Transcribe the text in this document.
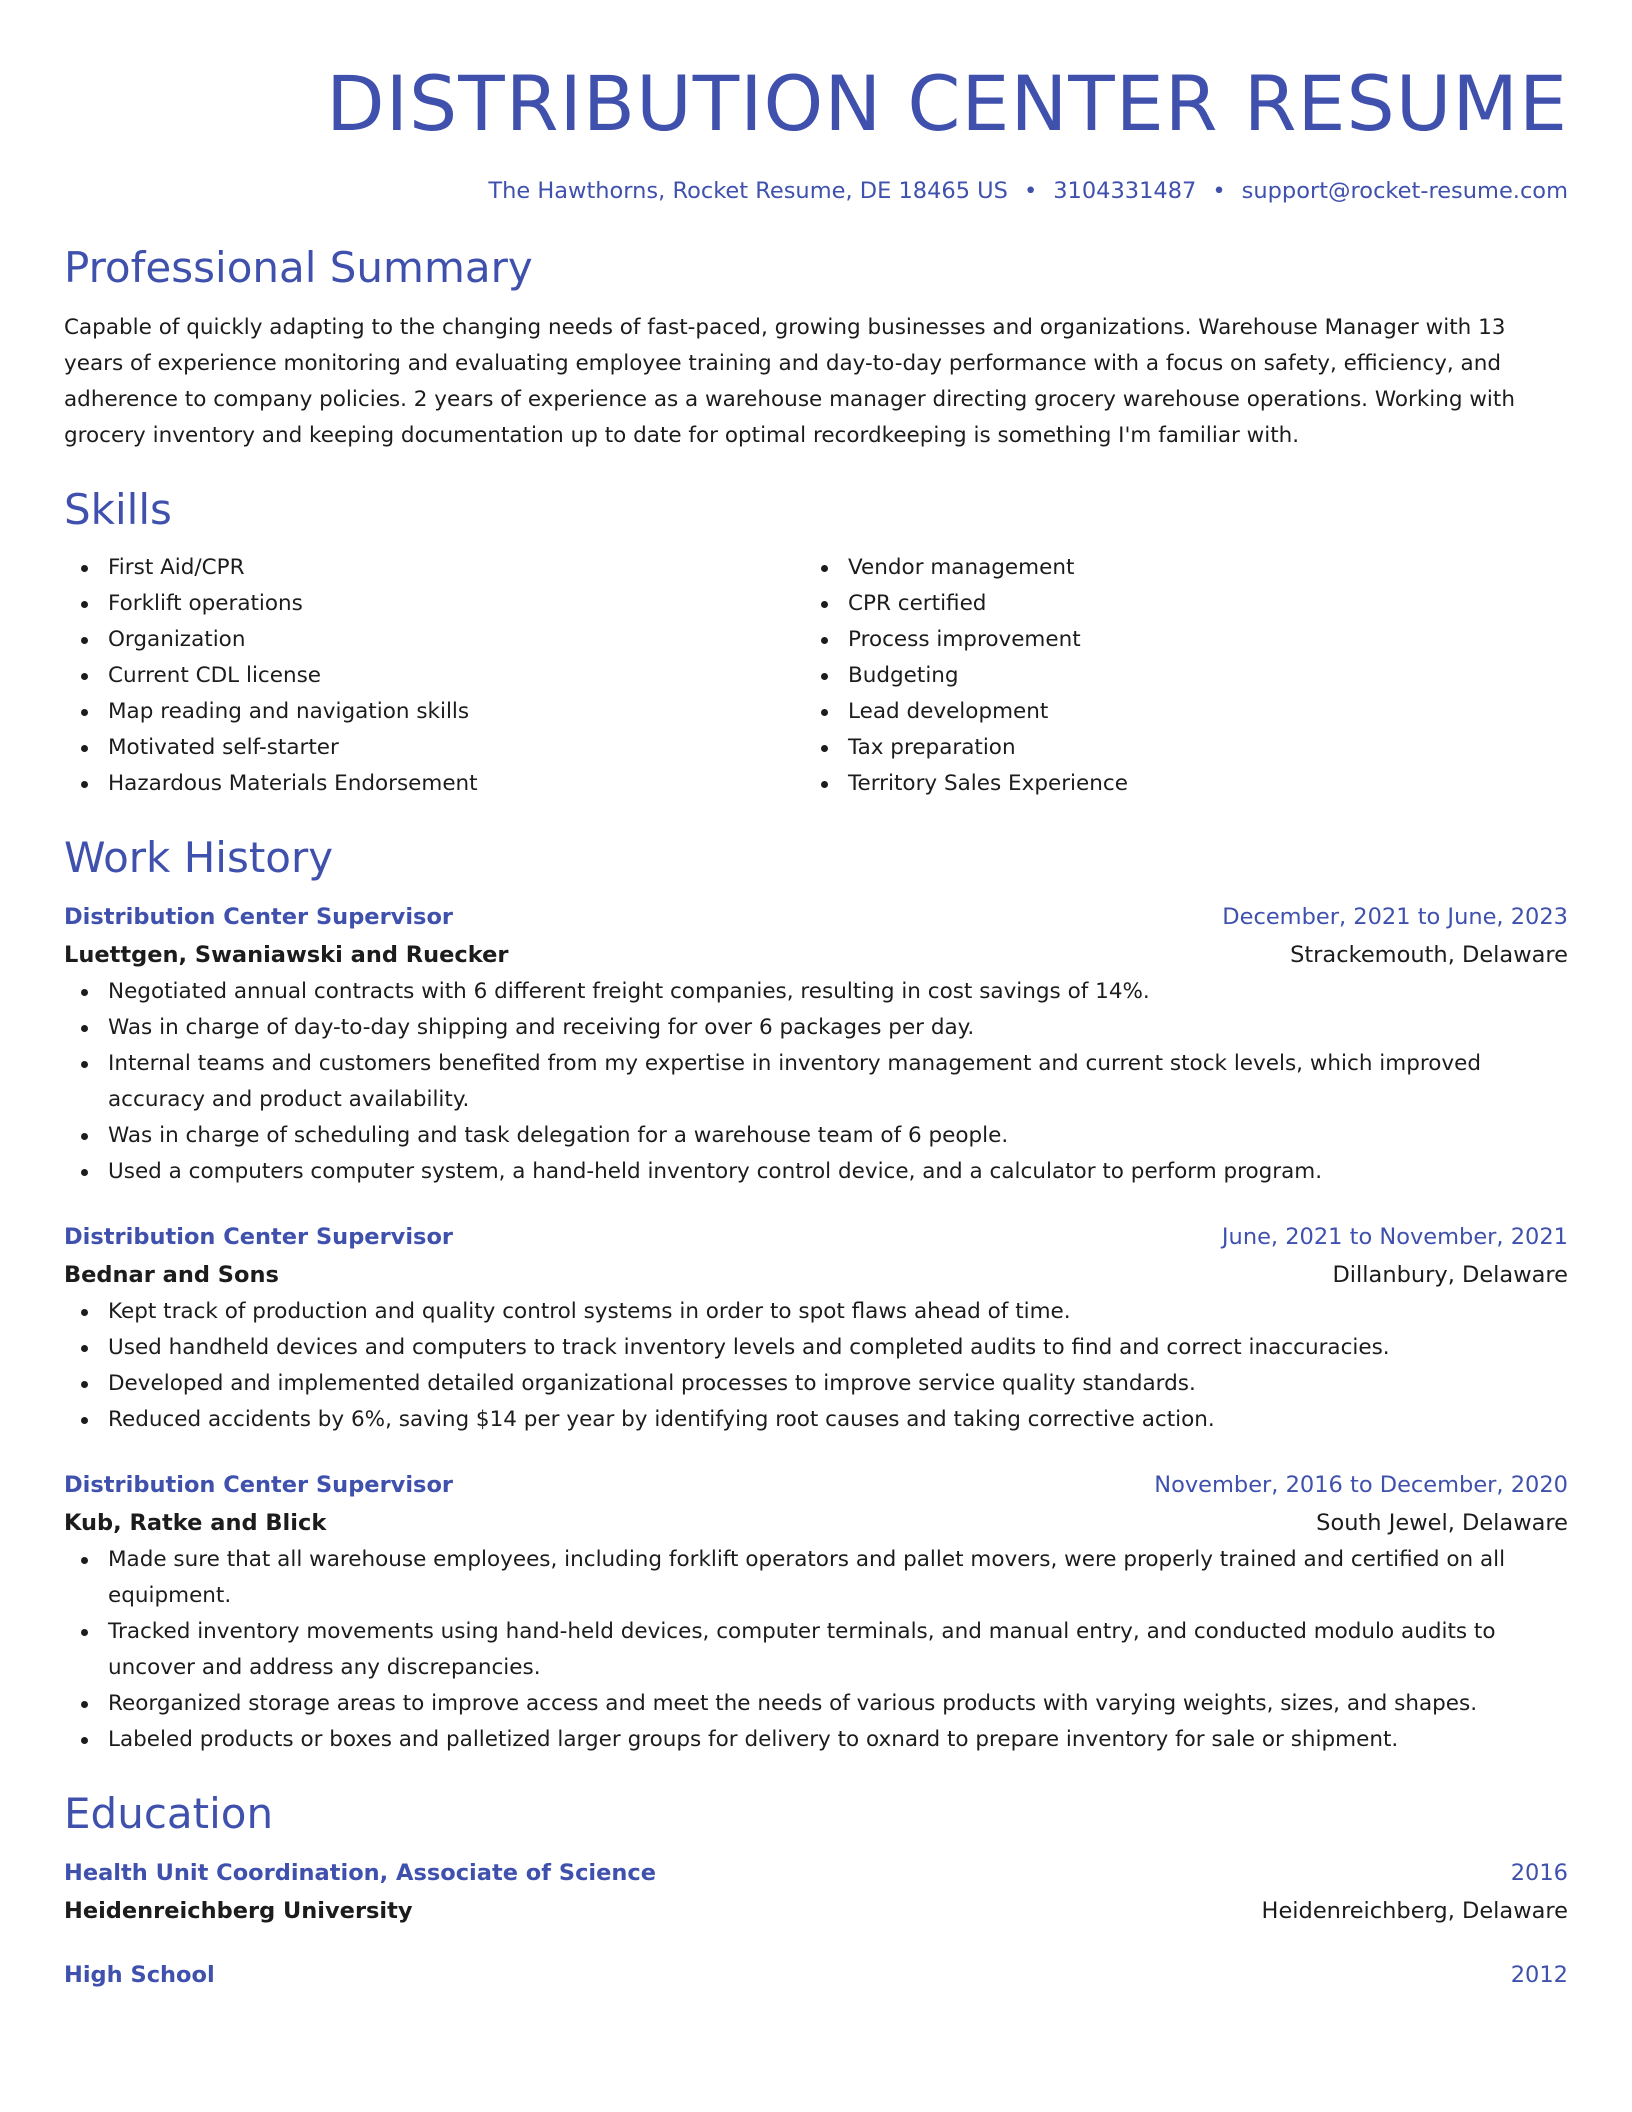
DISTRIBUTION CENTER RESUME
The Hawthorns, Rocket Resume, DE 18465 US • 3104331487 • support@rocket-resume.com
Professional Summary
Capable of quickly adapting to the changing needs of fast-paced, growing businesses and organizations. Warehouse Manager with 13 years of experience monitoring and evaluating employee training and day-to-day performance with a focus on safety, efficiency, and adherence to company policies. 2 years of experience as a warehouse manager directing grocery warehouse operations. Working with grocery inventory and keeping documentation up to date for optimal recordkeeping is something I'm familiar with.
Skills
First Aid/CPR
Forklift operations
Organization
Current CDL license
Map reading and navigation skills
Motivated self-starter
Hazardous Materials Endorsement
Vendor management
CPR certified
Process improvement
Budgeting
Lead development
Tax preparation
Territory Sales Experience
Work History
Distribution Center Supervisor	December, 2021 to June, 2023
Luettgen, Swaniawski and Ruecker	Strackemouth, Delaware
Negotiated annual contracts with 6 different freight companies, resulting in cost savings of 14%.
Was in charge of day-to-day shipping and receiving for over 6 packages per day.
Internal teams and customers benefited from my expertise in inventory management and current stock levels, which improved accuracy and product availability.
Was in charge of scheduling and task delegation for a warehouse team of 6 people.
Used a computers computer system, a hand-held inventory control device, and a calculator to perform program.
Distribution Center Supervisor	June, 2021 to November, 2021
Bednar and Sons	Dillanbury, Delaware
Kept track of production and quality control systems in order to spot flaws ahead of time.
Used handheld devices and computers to track inventory levels and completed audits to find and correct inaccuracies.
Developed and implemented detailed organizational processes to improve service quality standards.
Reduced accidents by 6%, saving $14 per year by identifying root causes and taking corrective action.
Distribution Center Supervisor	November, 2016 to December, 2020
Kub, Ratke and Blick	South Jewel, Delaware
Made sure that all warehouse employees, including forklift operators and pallet movers, were properly trained and certified on all equipment.
Tracked inventory movements using hand-held devices, computer terminals, and manual entry, and conducted modulo audits to uncover and address any discrepancies.
Reorganized storage areas to improve access and meet the needs of various products with varying weights, sizes, and shapes.
Labeled products or boxes and palletized larger groups for delivery to oxnard to prepare inventory for sale or shipment.
Education
Health Unit Coordination, Associate of Science	2016
Heidenreichberg University	Heidenreichberg, Delaware
High School	2012
